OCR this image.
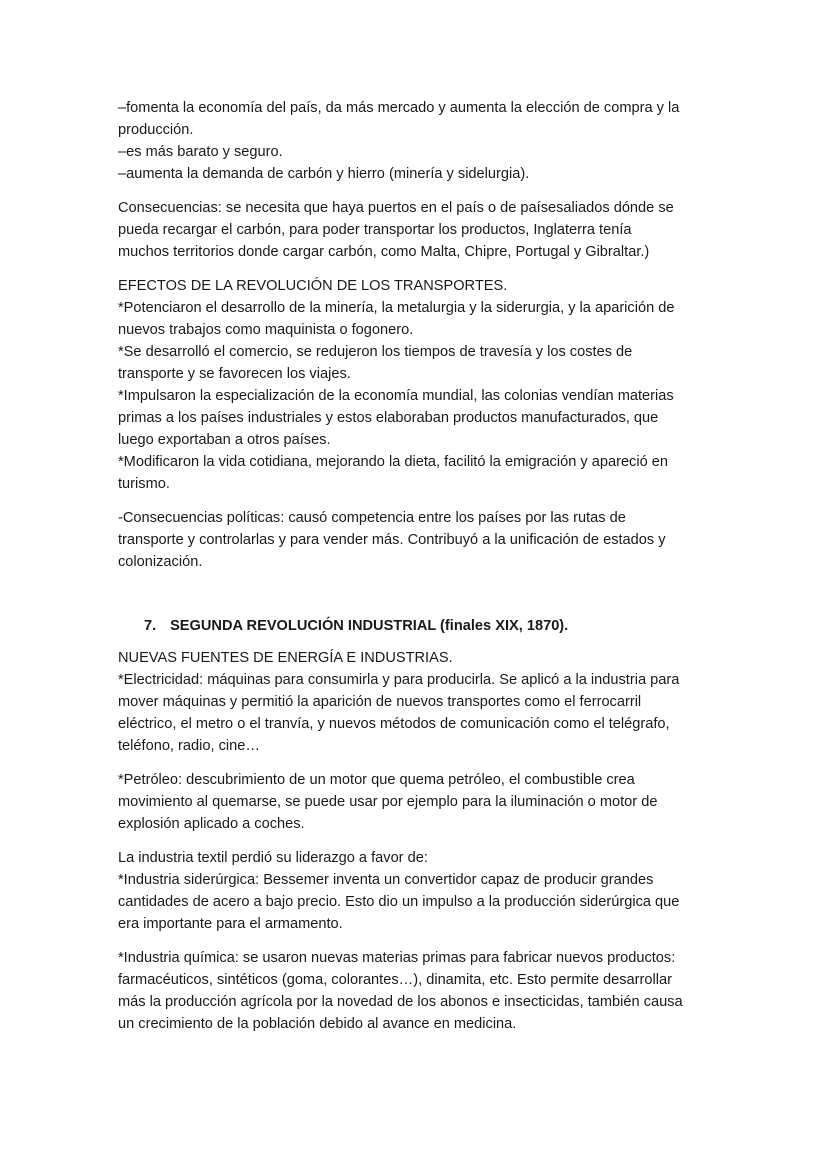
–fomenta la economía del país, da más mercado y aumenta la elección de compra y la
producción.
–es más barato y seguro.
–aumenta la demanda de carbón y hierro (minería y sidelurgia).
Consecuencias: se necesita que haya puertos en el país o de paísesaliados dónde se
pueda recargar el carbón, para poder transportar los productos, Inglaterra tenía
muchos territorios donde cargar carbón, como Malta, Chipre, Portugal y Gibraltar.)
EFECTOS DE LA REVOLUCIÓN DE LOS TRANSPORTES.
*Potenciaron el desarrollo de la minería, la metalurgia y la siderurgia, y la aparición de
nuevos trabajos como maquinista o fogonero.
*Se desarrolló el comercio, se redujeron los tiempos de travesía y los costes de
transporte y se favorecen los viajes.
*Impulsaron la especialización de la economía mundial, las colonias vendían materias
primas a los países industriales y estos elaboraban productos manufacturados, que
luego exportaban a otros países.
*Modificaron la vida cotidiana, mejorando la dieta, facilitó la emigración y apareció en
turismo.
-Consecuencias políticas: causó competencia entre los países por las rutas de
transporte y controlarlas y para vender más. Contribuyó a la unificación de estados y
colonización.
7. SEGUNDA REVOLUCIÓN INDUSTRIAL (finales XIX, 1870).
NUEVAS FUENTES DE ENERGÍA E INDUSTRIAS.
*Electricidad: máquinas para consumirla y para producirla. Se aplicó a la industria para
mover máquinas y permitió la aparición de nuevos transportes como el ferrocarril
eléctrico, el metro o el tranvía, y nuevos métodos de comunicación como el telégrafo,
teléfono, radio, cine…
*Petróleo: descubrimiento de un motor que quema petróleo, el combustible crea
movimiento al quemarse, se puede usar por ejemplo para la iluminación o motor de
explosión aplicado a coches.
La industria textil perdió su liderazgo a favor de:
*Industria siderúrgica: Bessemer inventa un convertidor capaz de producir grandes
cantidades de acero a bajo precio. Esto dio un impulso a la producción siderúrgica que
era importante para el armamento.
*Industria química: se usaron nuevas materias primas para fabricar nuevos productos:
farmacéuticos, sintéticos (goma, colorantes…), dinamita, etc. Esto permite desarrollar
más la producción agrícola por la novedad de los abonos e insecticidas, también causa
un crecimiento de la población debido al avance en medicina.
